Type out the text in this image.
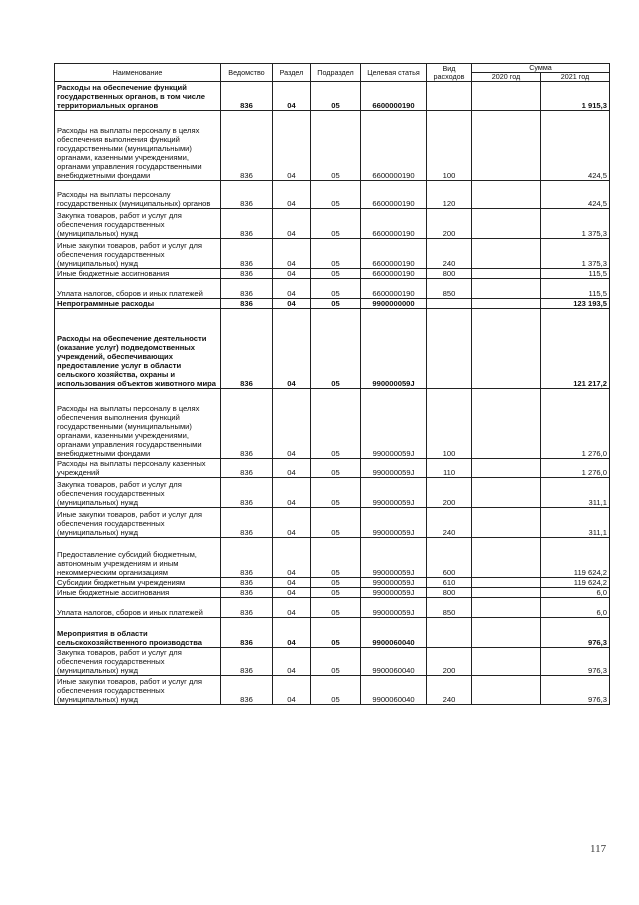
Наименование	Ведомство	Раздел	Подраздел	Целевая статья	Вид расходов	Сумма	
						2020 год	2021 год
Расходы на обеспечение функций государственных органов, в том числе территориальных органов	836	04	05	6600000190			1 915,3
Расходы на выплаты персоналу в целях обеспечения выполнения функций государственными (муниципальными) органами, казенными учреждениями, органами управления государственными внебюджетными фондами	836	04	05	6600000190	100		424,5
Расходы на выплаты персоналу государственных (муниципальных) органов	836	04	05	6600000190	120		424,5
Закупка товаров, работ и услуг для обеспечения государственных (муниципальных) нужд	836	04	05	6600000190	200		1 375,3
Иные закупки товаров, работ и услуг для обеспечения государственных (муниципальных) нужд	836	04	05	6600000190	240		1 375,3
Иные бюджетные ассигнования	836	04	05	6600000190	800		115,5
Уплата налогов, сборов и иных платежей	836	04	05	6600000190	850		115,5
Непрограммные расходы	836	04	05	9900000000			123 193,5
Расходы на обеспечение деятельности (оказание услуг) подведомственных учреждений, обеспечивающих предоставление услуг в области сельского хозяйства, охраны и использования объектов животного мира	836	04	05	990000059J			121 217,2
Расходы на выплаты персоналу в целях обеспечения выполнения функций государственными (муниципальными) органами, казенными учреждениями, органами управления государственными внебюджетными фондами	836	04	05	990000059J	100		1 276,0
Расходы на выплаты персоналу казенных учреждений	836	04	05	990000059J	110		1 276,0
Закупка товаров, работ и услуг для обеспечения государственных (муниципальных) нужд	836	04	05	990000059J	200		311,1
Иные закупки товаров, работ и услуг для обеспечения государственных (муниципальных) нужд	836	04	05	990000059J	240		311,1
Предоставление субсидий бюджетным, автономным учреждениям и иным некоммерческим организациям	836	04	05	990000059J	600		119 624,2
Субсидии бюджетным учреждениям	836	04	05	990000059J	610		119 624,2
Иные бюджетные ассигнования	836	04	05	990000059J	800		6,0
Уплата налогов, сборов и иных платежей	836	04	05	990000059J	850		6,0
Мероприятия в области сельскохозяйственного производства	836	04	05	9900060040			976,3
Закупка товаров, работ и услуг для обеспечения государственных (муниципальных) нужд	836	04	05	9900060040	200		976,3
Иные закупки товаров, работ и услуг для обеспечения государственных (муниципальных) нужд	836	04	05	9900060040	240		976,3
117
